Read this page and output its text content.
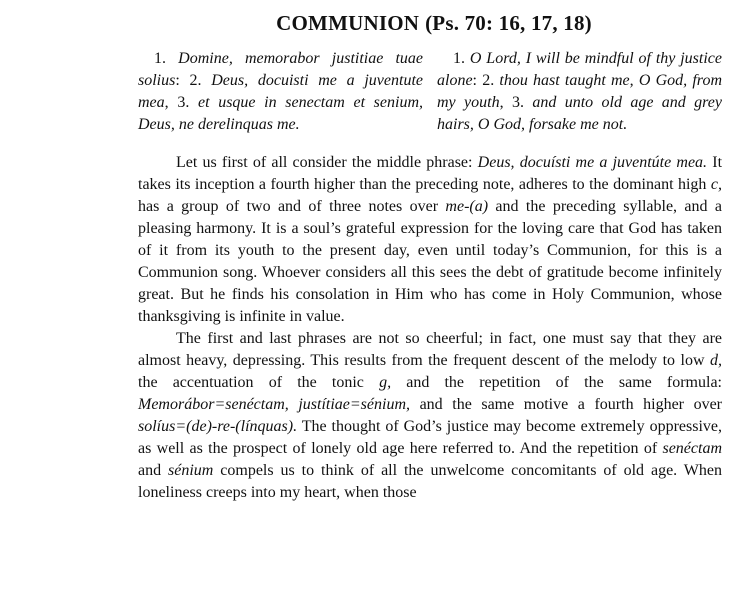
COMMUNION (Ps. 70: 16, 17, 18)

1. Domine, memorabor justitiae tuae solius: 2. Deus, docuisti me a juventute mea, 3. et usque in senectam et senium, Deus, ne derelinquas me.

1. O Lord, I will be mindful of thy justice alone: 2. thou hast taught me, O God, from my youth, 3. and unto old age and grey hairs, O God, forsake me not.

Let us first of all consider the middle phrase: Deus, docuísti me a juventúte mea. It takes its inception a fourth higher than the preceding note, adheres to the dominant high c, has a group of two and of three notes over me-(a) and the preceding syllable, and a pleasing harmony. It is a soul’s grateful expression for the loving care that God has taken of it from its youth to the present day, even until today’s Communion, for this is a Communion song. Whoever considers all this sees the debt of gratitude become infinitely great. But he finds his consolation in Him who has come in Holy Communion, whose thanksgiving is infinite in value.

The first and last phrases are not so cheerful; in fact, one must say that they are almost heavy, depressing. This results from the frequent descent of the melody to low d, the accentuation of the tonic g, and the repetition of the same formula: Memorábor=senéctam, justítiae=sénium, and the same motive a fourth higher over solíus=(de)-re-(línquas). The thought of God’s justice may become extremely oppressive, as well as the prospect of lonely old age here referred to. And the repetition of senéctam and sénium compels us to think of all the unwelcome concomitants of old age. When loneliness creeps into my heart, when those
